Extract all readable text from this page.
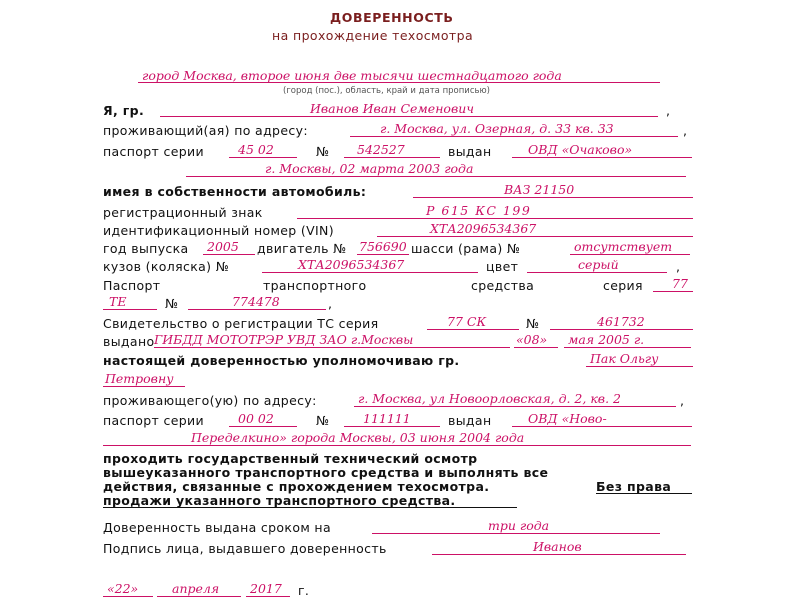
ДОВЕРЕННОСТЬ
на прохождение техосмотра
город Москва, второе июня две тысячи шестнадцатого года
(город (пос.), область, край и дата прописью)
Я, гр.	Иванов Иван Семенович	,
проживающий(ая) по адресу:	г. Москва, ул. Озерная, д. 33 кв. 33	,
паспорт серии	45 02	№ 542527	выдан	ОВД «Очаково»
г. Москвы, 02 марта 2003 года
имея в собственности автомобиль:	ВАЗ 21150
регистрационный знак	Р 615 КС 199
идентификационный номер (VIN)	ХТА2096534367
год выпуска 2005 двигатель № 756690 шасси (рама) №	отсутствует
кузов (коляска) №	ХТА2096534367	цвет	серый	,
Паспорт	транспортного	средства	серия 77
ТЕ	№	774478	,
Свидетельство о регистрации ТС серия	77 СК	№	461732
выдано ГИБДД МОТОТРЭР УВД ЗАО г.Москвы	«08» мая 2005 г.
настоящей доверенностью уполномочиваю гр.	Пак Ольгу
Петровну
проживающего(ую) по адресу:	г. Москва, ул Новоорловская, д. 2, кв. 2	,
паспорт серии	00 02	№	111111	выдан	ОВД «Ново-
Переделкино» города Москвы, 03 июня 2004 года
проходить государственный технический осмотр
вышеуказанного транспортного средства и выполнять все
действия, связанные с прохождением техосмотра.	Без права
продажи указанного транспортного средства.
Доверенность выдана сроком на	три года
Подпись лица, выдавшего доверенность	Иванов
«22»	апреля 2017 г.
